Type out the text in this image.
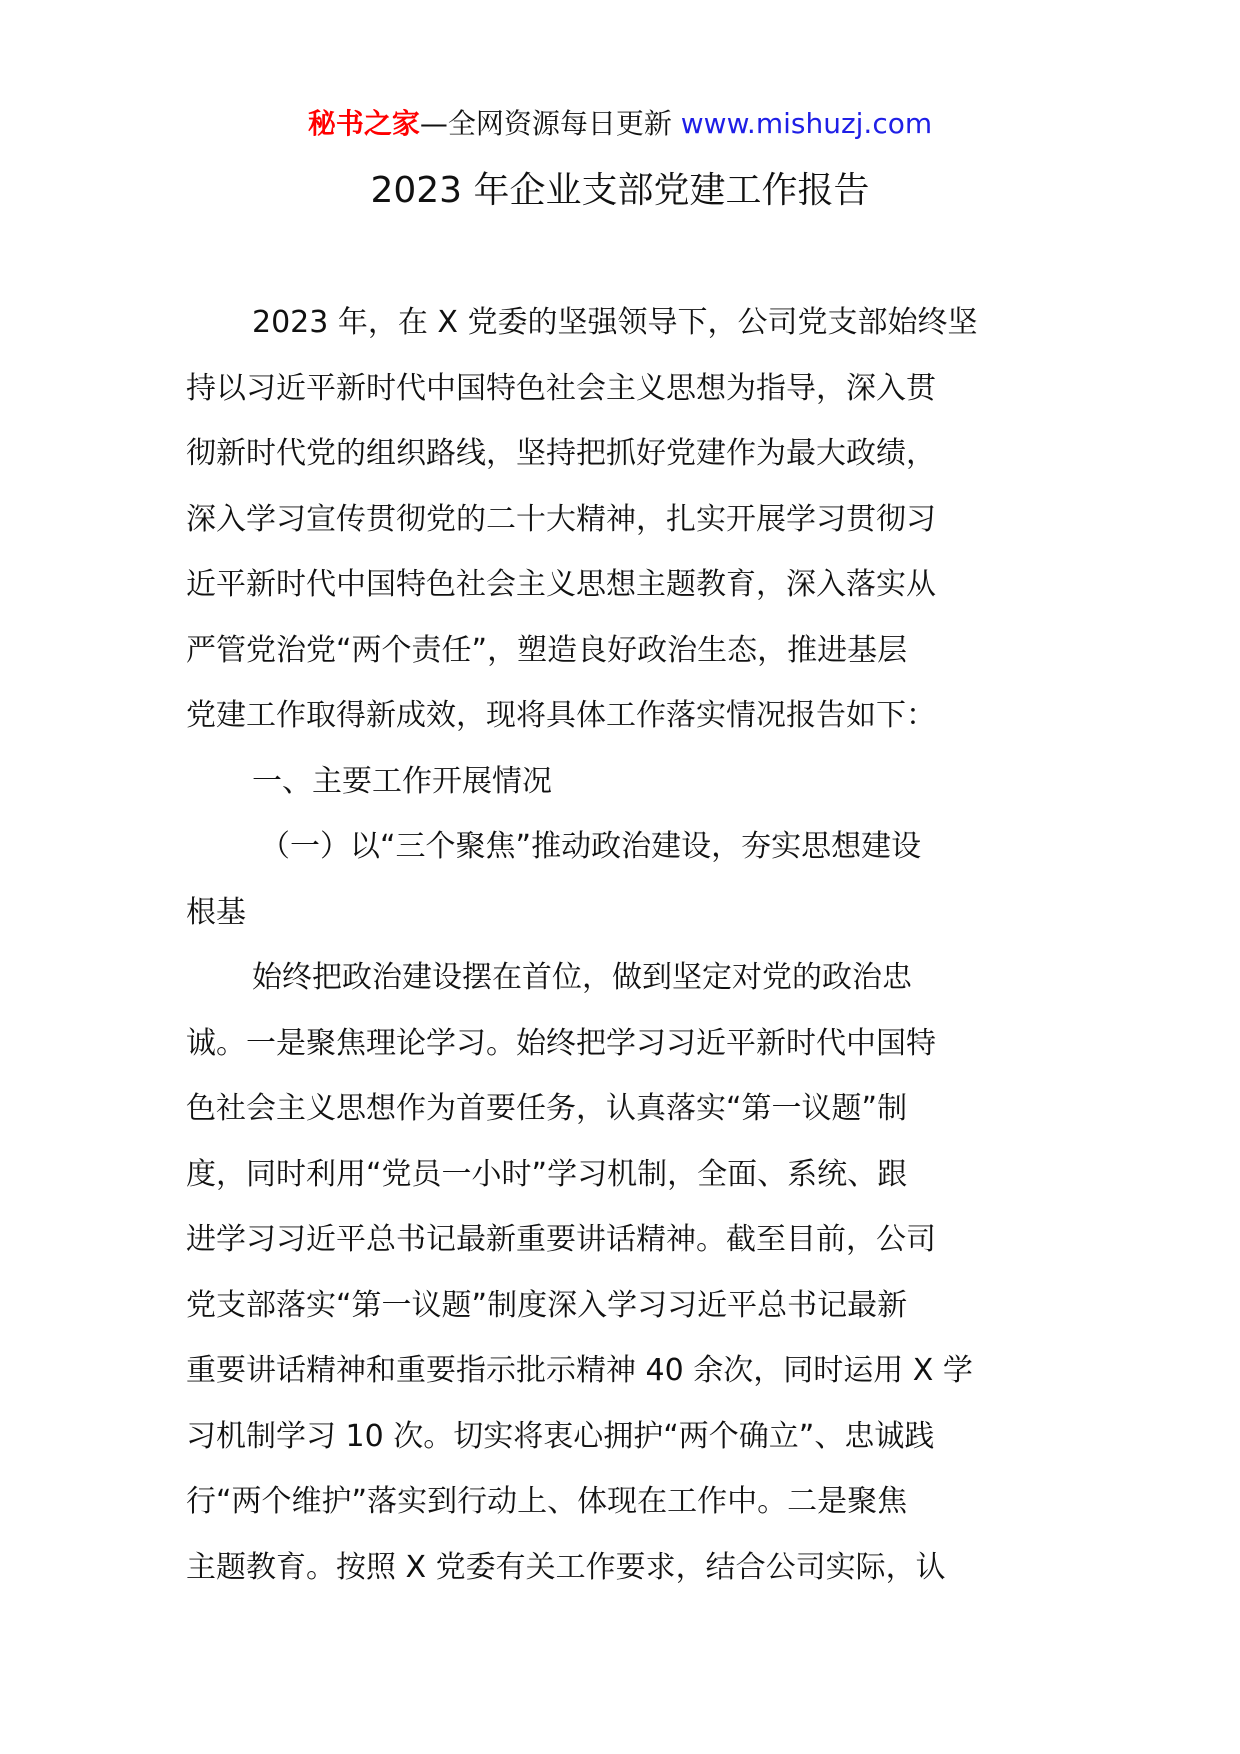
秘书之家—全网资源每日更新 www.mishuzj.com
2023 年企业支部党建工作报告
2023 年，在 X 党委的坚强领导下，公司党支部始终坚
持以习近平新时代中国特色社会主义思想为指导，深入贯
彻新时代党的组织路线，坚持把抓好党建作为最大政绩，
深入学习宣传贯彻党的二十大精神，扎实开展学习贯彻习
近平新时代中国特色社会主义思想主题教育，深入落实从
严管党治党“两个责任”，塑造良好政治生态，推进基层
党建工作取得新成效，现将具体工作落实情况报告如下：
一、主要工作开展情况
（一）以“三个聚焦”推动政治建设，夯实思想建设
根基
始终把政治建设摆在首位，做到坚定对党的政治忠
诚。一是聚焦理论学习。始终把学习习近平新时代中国特
色社会主义思想作为首要任务，认真落实“第一议题”制
度，同时利用“党员一小时”学习机制，全面、系统、跟
进学习习近平总书记最新重要讲话精神。截至目前，公司
党支部落实“第一议题”制度深入学习习近平总书记最新
重要讲话精神和重要指示批示精神 40 余次，同时运用 X 学
习机制学习 10 次。切实将衷心拥护“两个确立”、忠诚践
行“两个维护”落实到行动上、体现在工作中。二是聚焦
主题教育。按照 X 党委有关工作要求，结合公司实际，认
